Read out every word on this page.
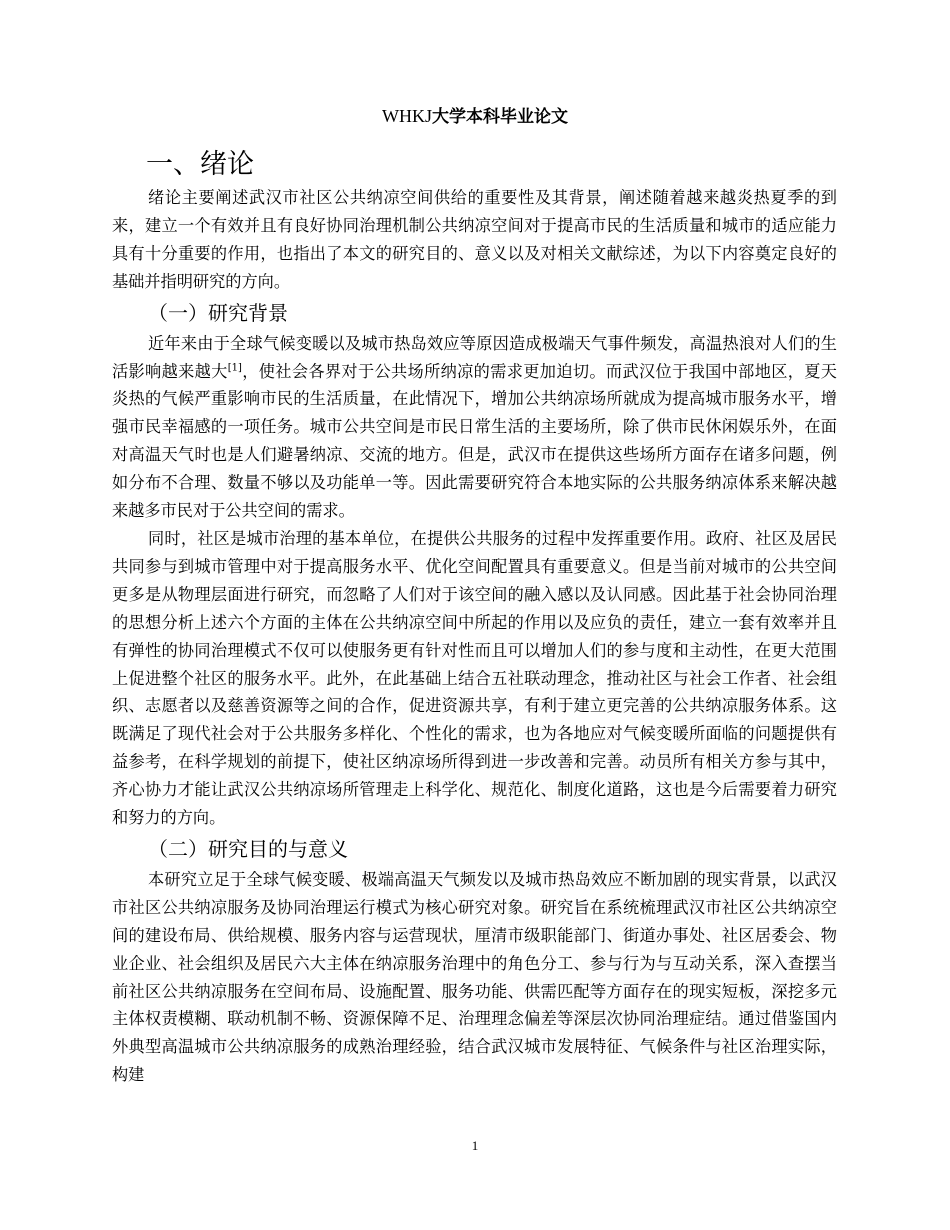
WHKJ大学本科毕业论文
一、绪论

绪论主要阐述武汉市社区公共纳凉空间供给的重要性及其背景，阐述随着越来越炎热夏季的到来，建立一个有效并且有良好协同治理机制公共纳凉空间对于提高市民的生活质量和城市的适应能力具有十分重要的作用，也指出了本文的研究目的、意义以及对相关文献综述，为以下内容奠定良好的基础并指明研究的方向。

（一）研究背景

近年来由于全球气候变暖以及城市热岛效应等原因造成极端天气事件频发，高温热浪对人们的生活影响越来越大[1]，使社会各界对于公共场所纳凉的需求更加迫切。而武汉位于我国中部地区，夏天炎热的气候严重影响市民的生活质量，在此情况下，增加公共纳凉场所就成为提高城市服务水平，增强市民幸福感的一项任务。城市公共空间是市民日常生活的主要场所，除了供市民休闲娱乐外，在面对高温天气时也是人们避暑纳凉、交流的地方。但是，武汉市在提供这些场所方面存在诸多问题，例如分布不合理、数量不够以及功能单一等。因此需要研究符合本地实际的公共服务纳凉体系来解决越来越多市民对于公共空间的需求。

同时，社区是城市治理的基本单位，在提供公共服务的过程中发挥重要作用。政府、社区及居民共同参与到城市管理中对于提高服务水平、优化空间配置具有重要意义。但是当前对城市的公共空间更多是从物理层面进行研究，而忽略了人们对于该空间的融入感以及认同感。因此基于社会协同治理的思想分析上述六个方面的主体在公共纳凉空间中所起的作用以及应负的责任，建立一套有效率并且有弹性的协同治理模式不仅可以使服务更有针对性而且可以增加人们的参与度和主动性，在更大范围上促进整个社区的服务水平。此外，在此基础上结合五社联动理念，推动社区与社会工作者、社会组织、志愿者以及慈善资源等之间的合作，促进资源共享，有利于建立更完善的公共纳凉服务体系。这既满足了现代社会对于公共服务多样化、个性化的需求，也为各地应对气候变暖所面临的问题提供有益参考，在科学规划的前提下，使社区纳凉场所得到进一步改善和完善。动员所有相关方参与其中，齐心协力才能让武汉公共纳凉场所管理走上科学化、规范化、制度化道路，这也是今后需要着力研究和努力的方向。

（二）研究目的与意义

本研究立足于全球气候变暖、极端高温天气频发以及城市热岛效应不断加剧的现实背景，以武汉市社区公共纳凉服务及协同治理运行模式为核心研究对象。研究旨在系统梳理武汉市社区公共纳凉空间的建设布局、供给规模、服务内容与运营现状，厘清市级职能部门、街道办事处、社区居委会、物业企业、社会组织及居民六大主体在纳凉服务治理中的角色分工、参与行为与互动关系，深入查摆当前社区公共纳凉服务在空间布局、设施配置、服务功能、供需匹配等方面存在的现实短板，深挖多元主体权责模糊、联动机制不畅、资源保障不足、治理理念偏差等深层次协同治理症结。通过借鉴国内外典型高温城市公共纳凉服务的成熟治理经验，结合武汉城市发展特征、气候条件与社区治理实际，构建

1
